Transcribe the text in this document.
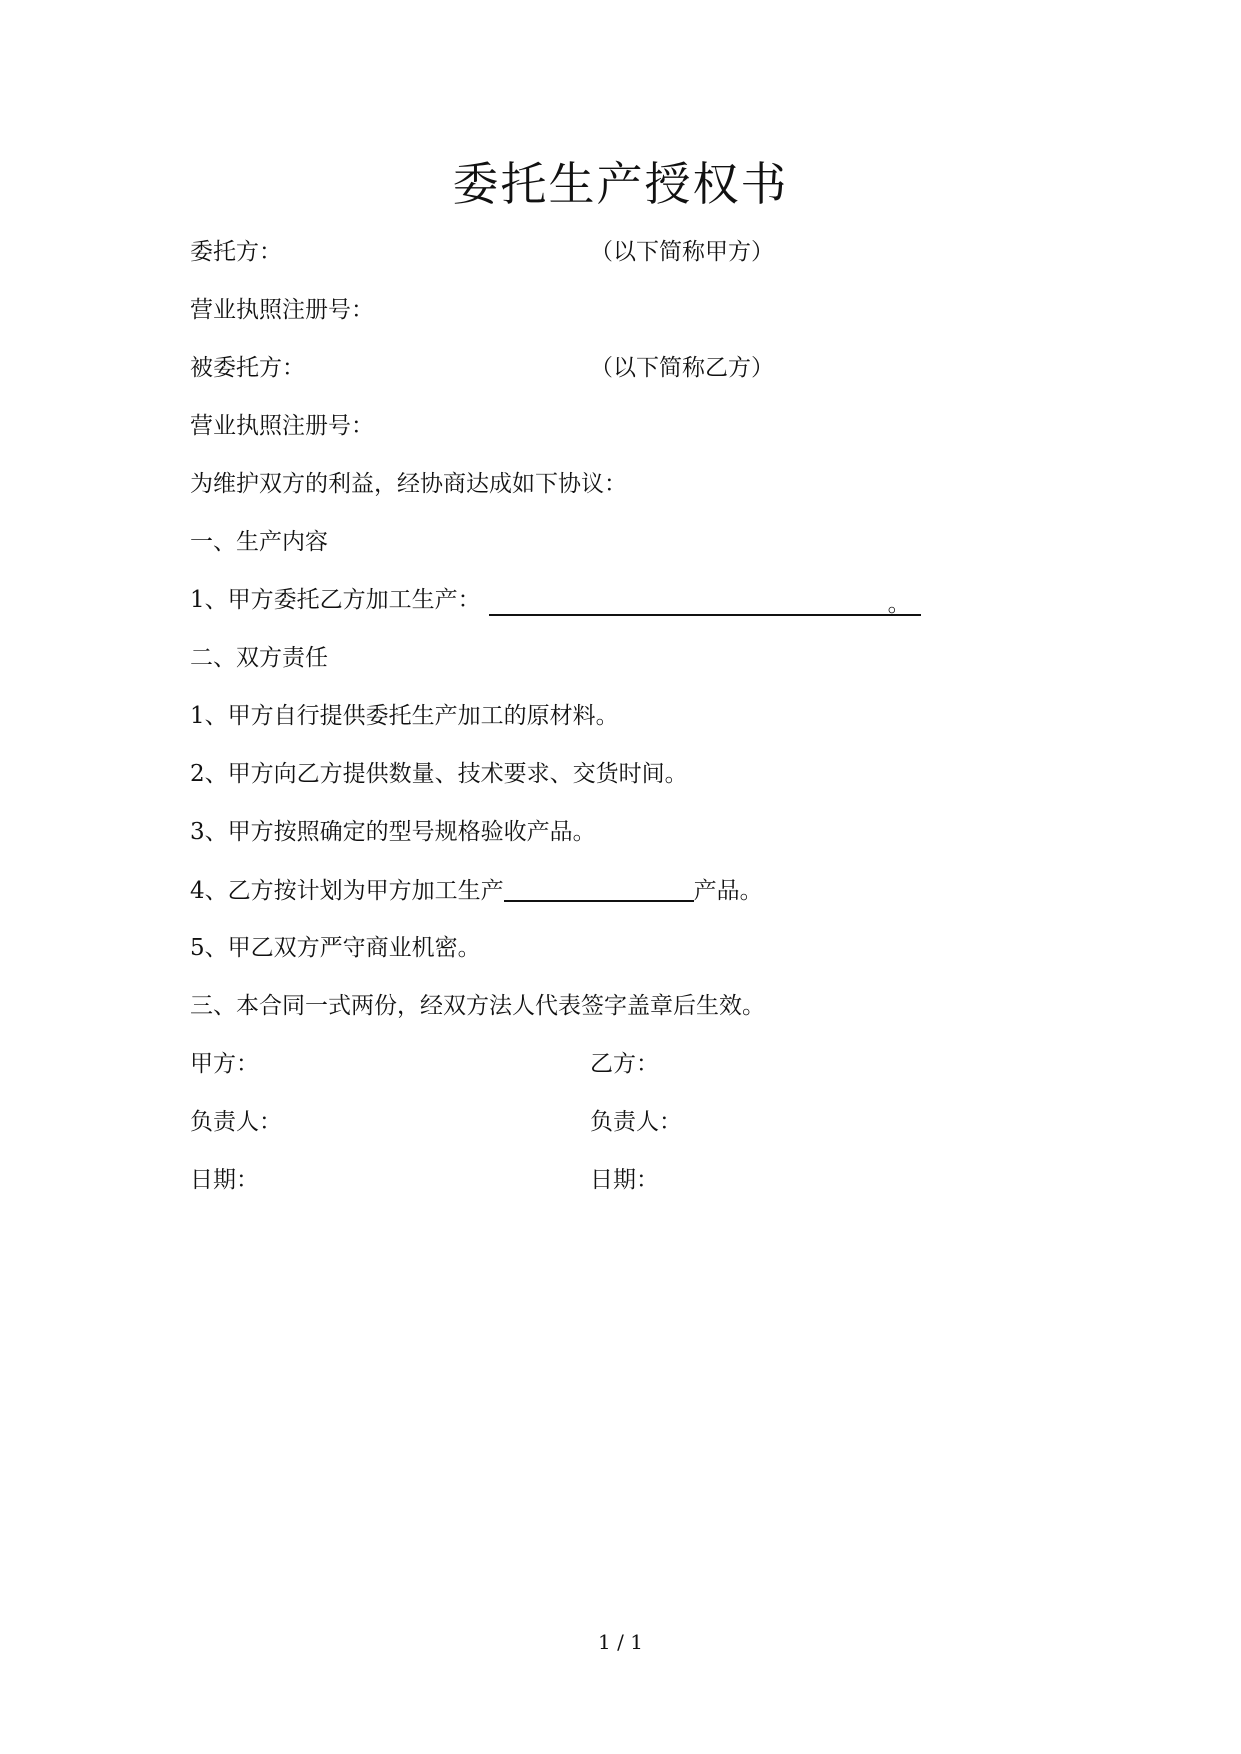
委托生产授权书
委托方：	（以下简称甲方）
营业执照注册号：
被委托方：	（以下简称乙方）
营业执照注册号：
为维护双方的利益，经协商达成如下协议：
一、生产内容
1、甲方委托乙方加工生产：	。
二、双方责任
1、甲方自行提供委托生产加工的原材料。
2、甲方向乙方提供数量、技术要求、交货时间。
3、甲方按照确定的型号规格验收产品。
4、乙方按计划为甲方加工生产	产品。
5、甲乙双方严守商业机密。
三、本合同一式两份，经双方法人代表签字盖章后生效。
甲方：	乙方：
负责人：	负责人：
日期：	日期：
1 / 1
